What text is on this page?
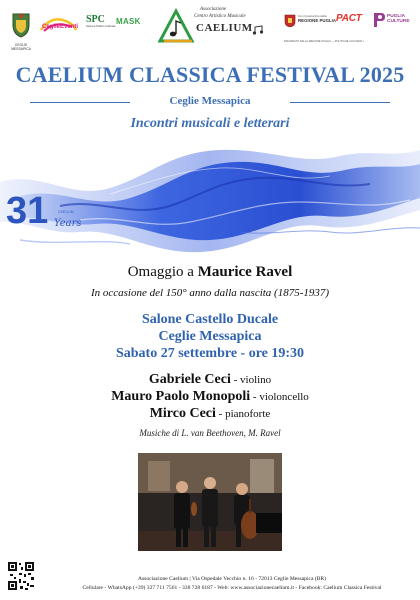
CEGLIE MESSAPICA
CeglieEventi
SPC
Sistema Politico Culturale
MASK
Associazione
Centro Artistico Musicale
CAELIUM
Con il patrocinio della
REGIONE PUGLIA PACT	PUGLIA CULTURE
FINANZIATO DALLA REGIONE PUGLIA — POLITICHE CULTURALI
CAELIUM CLASSICA FESTIVAL 2025
Ceglie Messapica
Incontri musicali e letterari
31 Years
CAELIUM
Omaggio a Maurice Ravel
In occasione del 150° anno dalla nascita (1875-1937)
Salone Castello Ducale
Ceglie Messapica
Sabato 27 settembre - ore 19:30
Gabriele Ceci - violino
Mauro Paolo Monopoli - violoncello
Mirco Ceci - pianoforte
Musiche di L. van Beethoven, M. Ravel
Associazione Caelium | Via Ospedale Vecchio n. 16 - 72013 Ceglie Messapica (BR)
Cellulare - WhatsApp (+39) 327 711 7561 - 338 728 6187 - Web: www.associazionecaelium.it - Facebook: Caelium Classica Festival
